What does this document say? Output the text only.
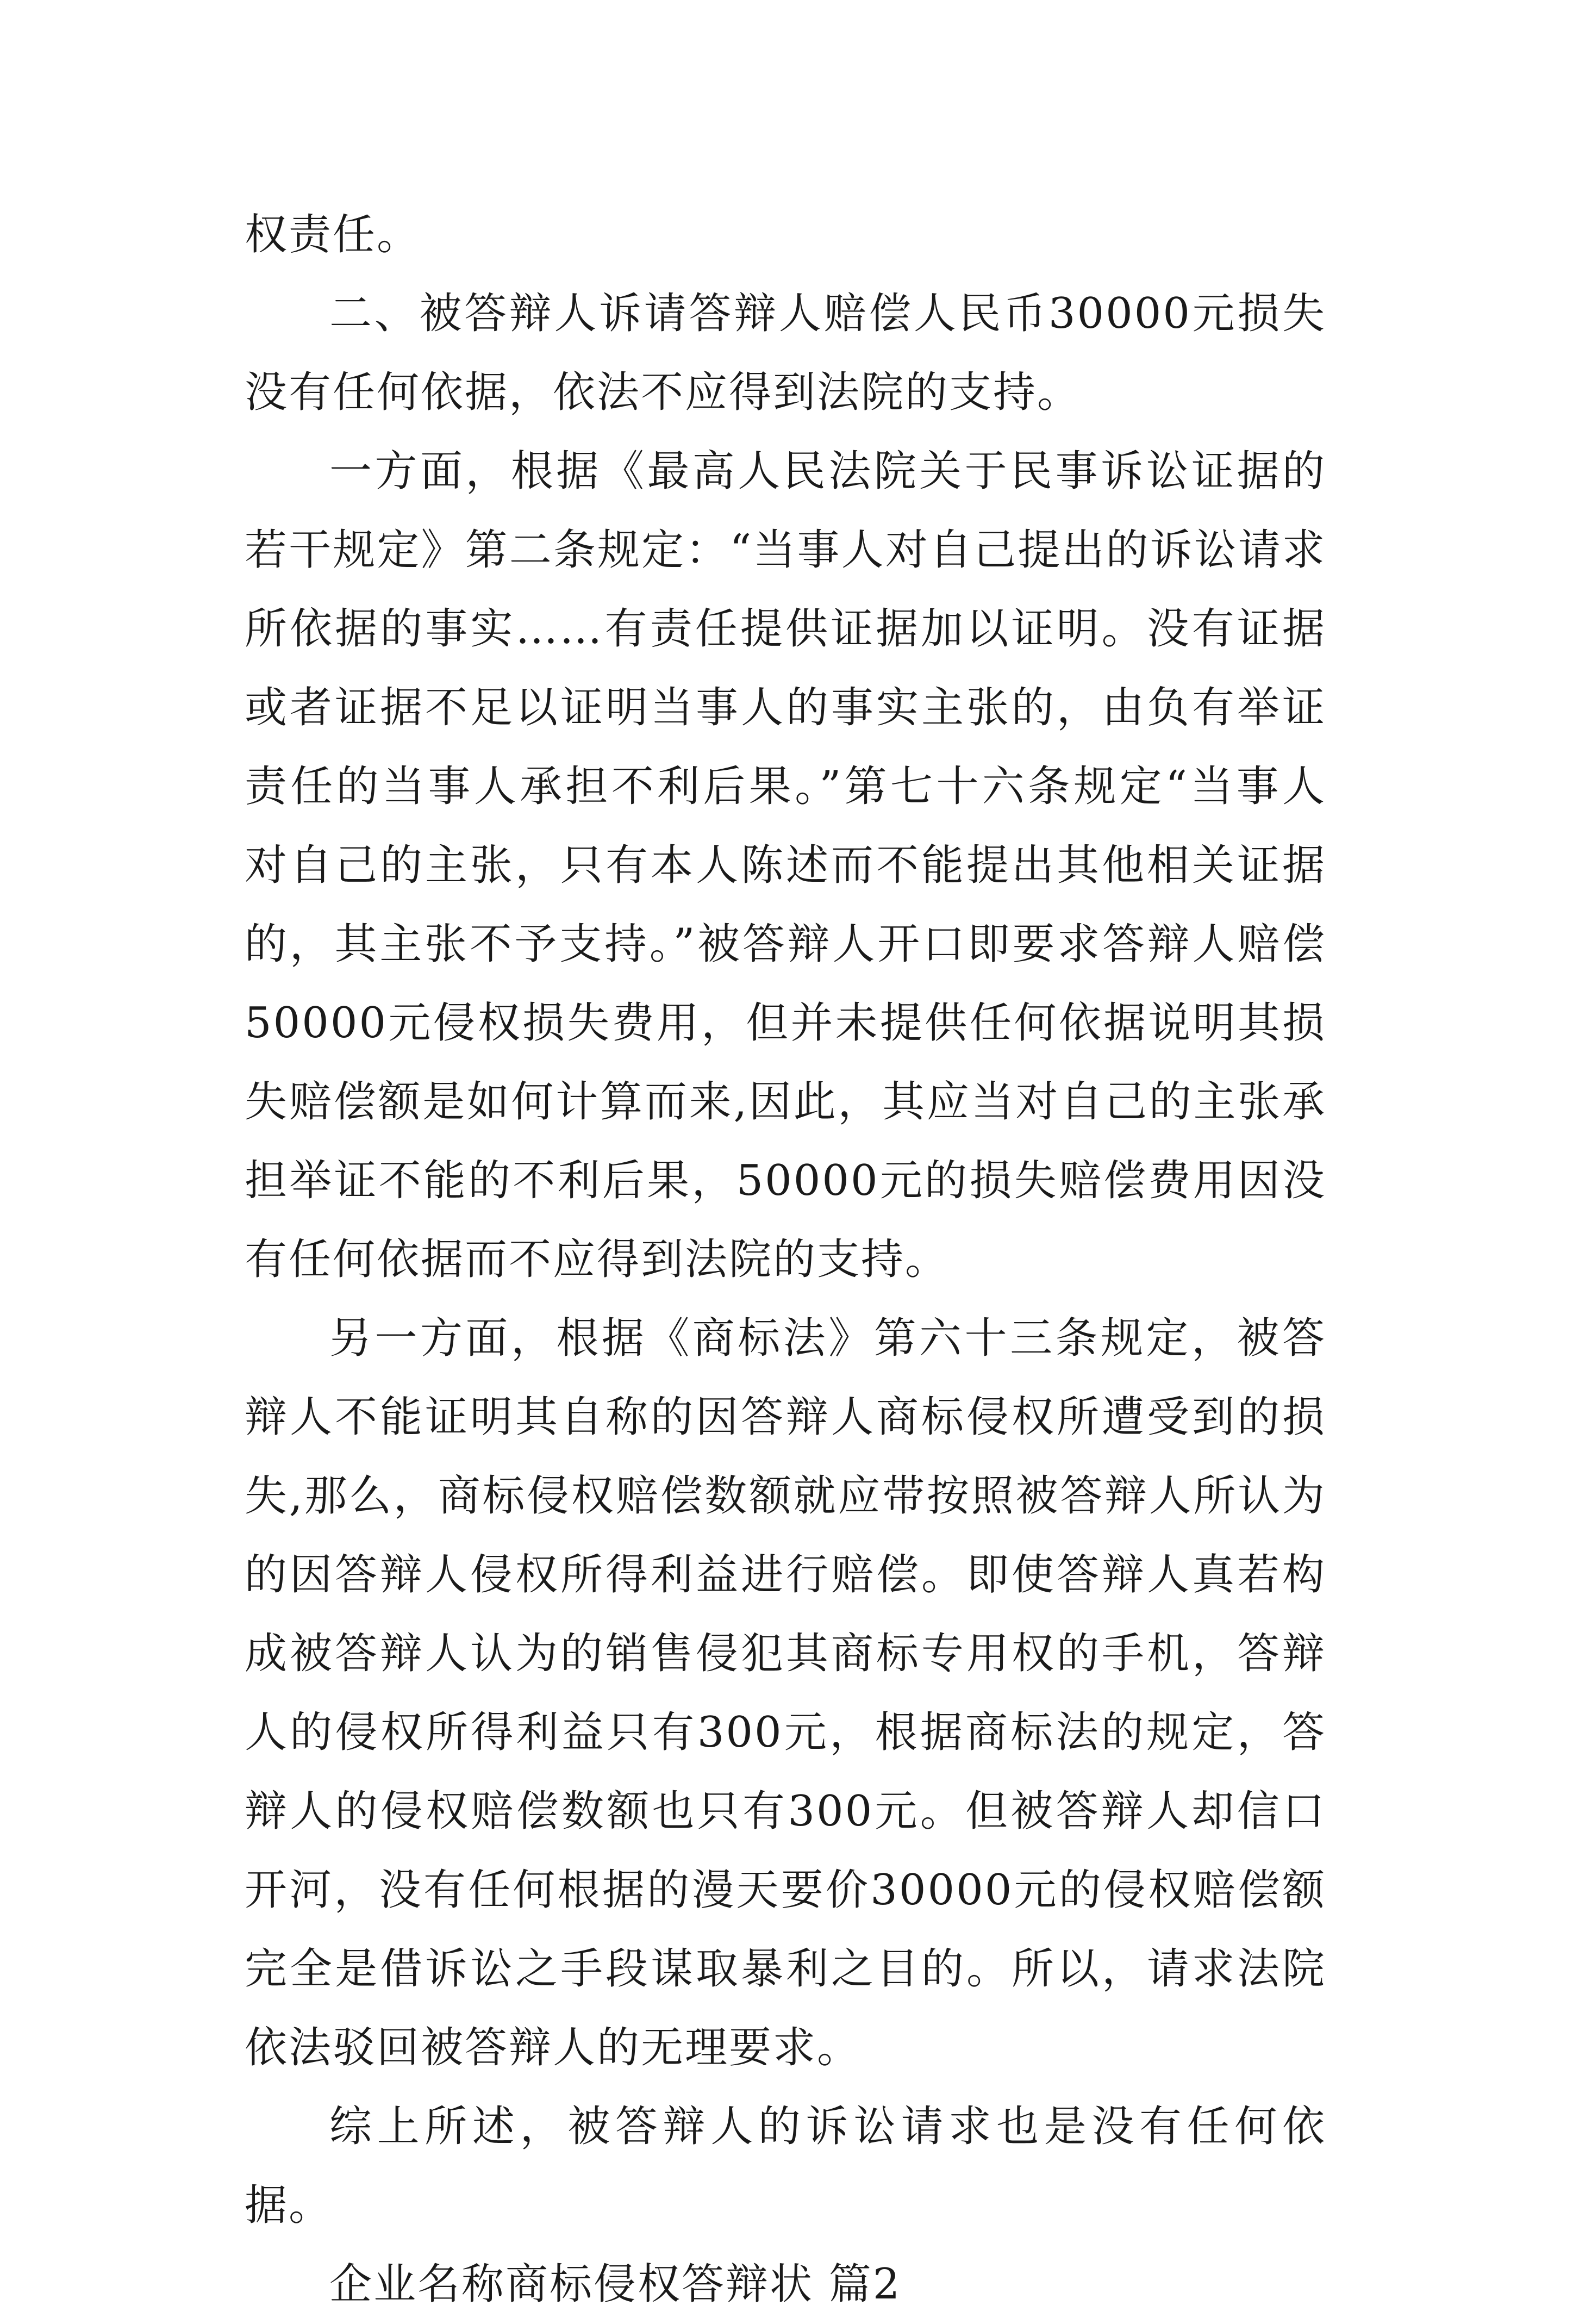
权责任。

二、被答辩人诉请答辩人赔偿人民币30000元损失没有任何依据，依法不应得到法院的支持。

一方面，根据《最高人民法院关于民事诉讼证据的若干规定》第二条规定：“当事人对自己提出的诉讼请求所依据的事实……有责任提供证据加以证明。没有证据或者证据不足以证明当事人的事实主张的，由负有举证责任的当事人承担不利后果。”第七十六条规定“当事人对自己的主张，只有本人陈述而不能提出其他相关证据的，其主张不予支持。”被答辩人开口即要求答辩人赔偿50000元侵权损失费用，但并未提供任何依据说明其损失赔偿额是如何计算而来,因此，其应当对自己的主张承担举证不能的不利后果，50000元的损失赔偿费用因没有任何依据而不应得到法院的支持。

另一方面，根据《商标法》第六十三条规定，被答辩人不能证明其自称的因答辩人商标侵权所遭受到的损失,那么，商标侵权赔偿数额就应带按照被答辩人所认为的因答辩人侵权所得利益进行赔偿。即使答辩人真若构成被答辩人认为的销售侵犯其商标专用权的手机，答辩人的侵权所得利益只有300元，根据商标法的规定，答辩人的侵权赔偿数额也只有300元。但被答辩人却信口开河，没有任何根据的漫天要价30000元的侵权赔偿额完全是借诉讼之手段谋取暴利之目的。所以，请求法院依法驳回被答辩人的无理要求。

综上所述，被答辩人的诉讼请求也是没有任何依据。

企业名称商标侵权答辩状 篇2
